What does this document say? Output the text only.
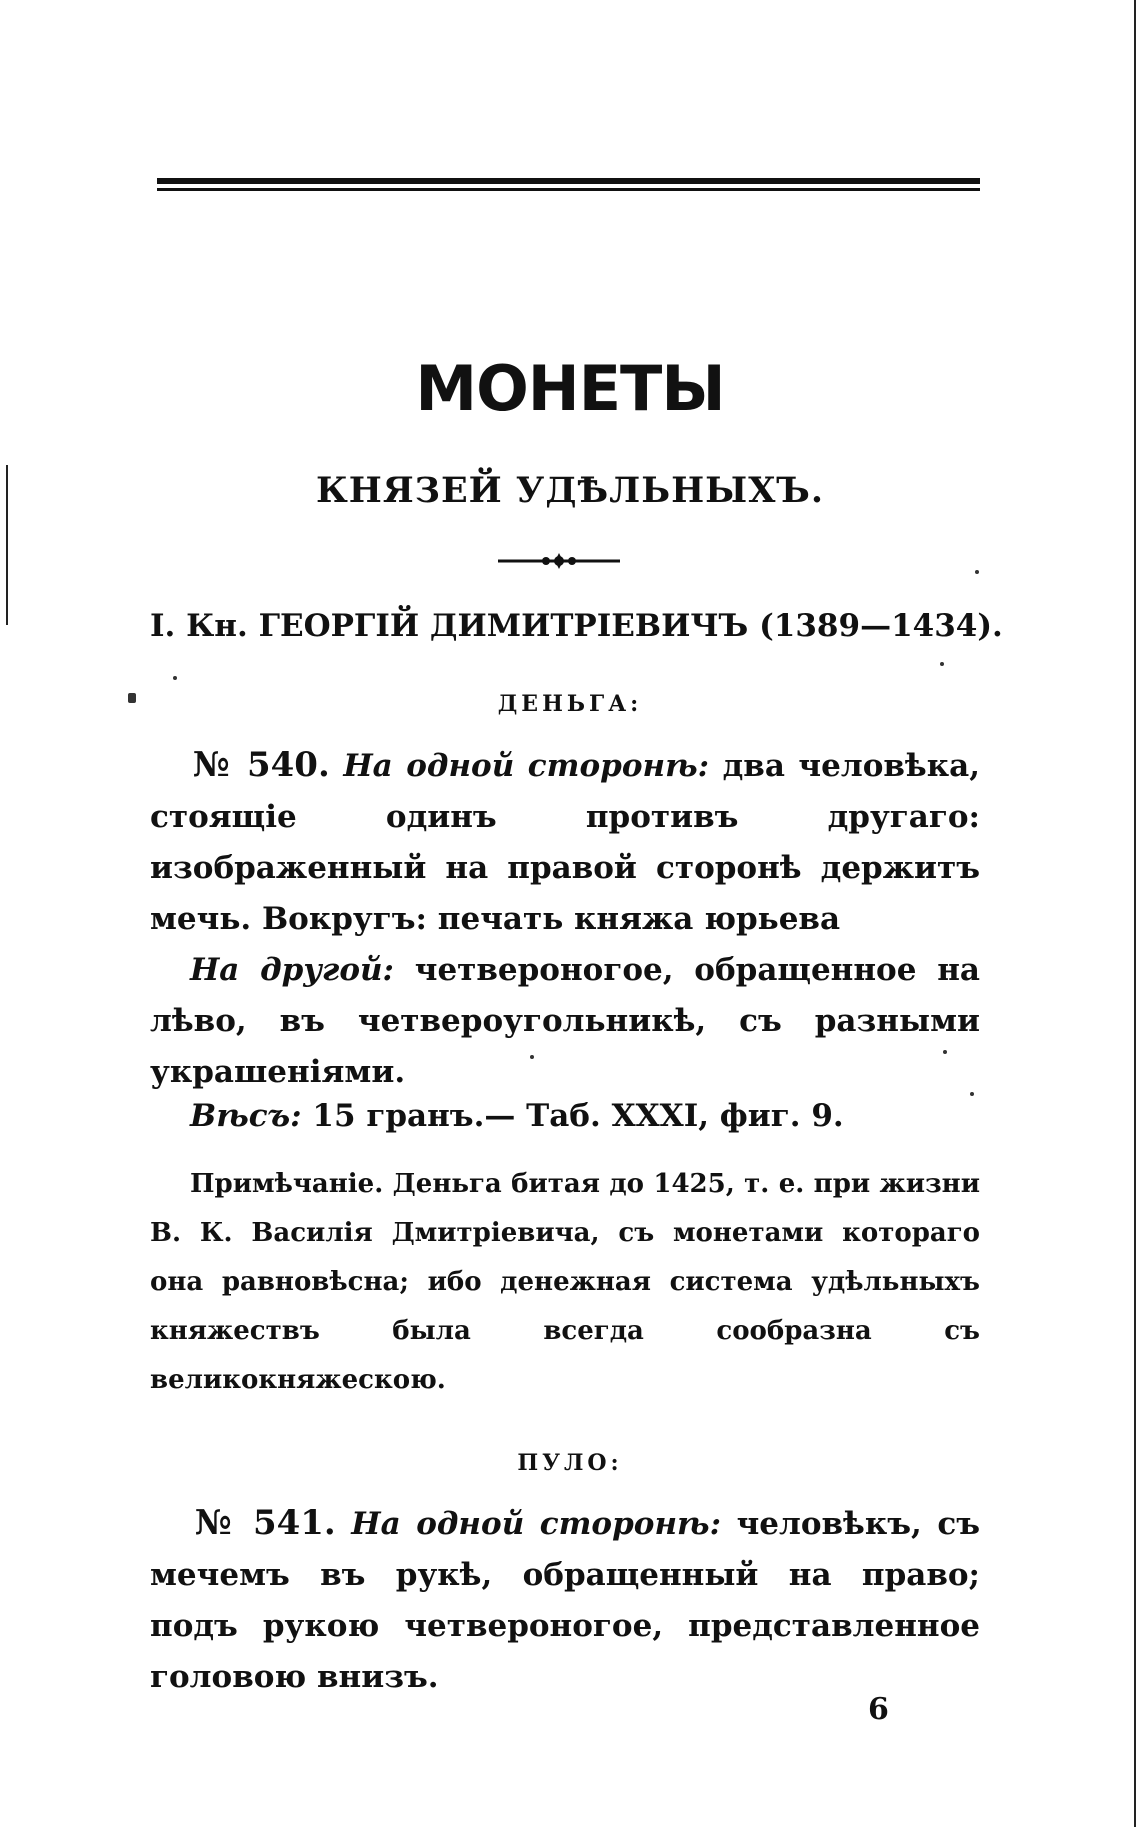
МОНЕТЫ
КНЯЗЕЙ УДѢЛЬНЫХЪ.
I. Кн. ГЕОРГІЙ ДИМИТРІЕВИЧЪ (1389—1434).
ДЕНЬГА:
№ 540. На одной сторонѣ: два человѣка, стоящіе одинъ противъ другаго: изображенный на правой сторонѣ держитъ мечь. Вокругъ: печать княжа юрьева
На другой: четвероногое, обращенное на лѣво, въ четвероугольникѣ, съ разными украшеніями.
Вѣсъ: 15 гранъ.— Таб. XXXI, фиг. 9.
Примѣчаніе. Деньга битая до 1425, т. е. при жизни В. К. Василія Дмитріевича, съ монетами котораго она равновѣсна; ибо денежная система удѣльныхъ княжествъ была всегда сообразна съ великокняжескою.
ПУЛО:
№ 541. На одной сторонѣ: человѣкъ, съ мечемъ въ рукѣ, обращенный на право; подъ рукою четвероногое, представленное головою внизъ.
6
